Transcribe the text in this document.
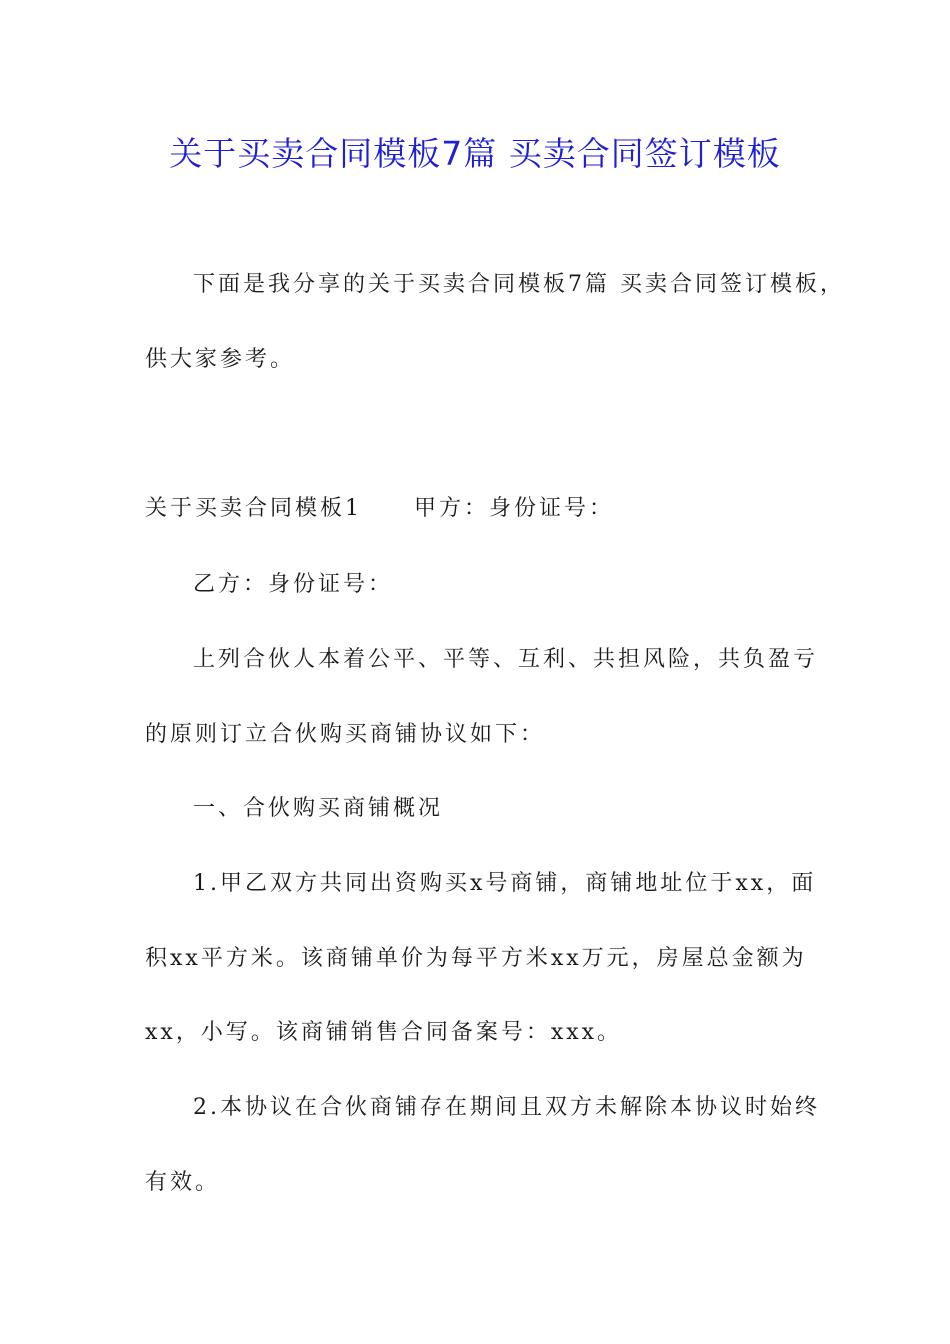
关于买卖合同模板7篇 买卖合同签订模板

下面是我分享的关于买卖合同模板7篇 买卖合同签订模板，

供大家参考。

关于买卖合同模板1 甲方：身份证号：

乙方：身份证号：

上列合伙人本着公平、平等、互利、共担风险，共负盈亏

的原则订立合伙购买商铺协议如下：

一、合伙购买商铺概况

1.甲乙双方共同出资购买x号商铺，商铺地址位于xx，面

积xx平方米。该商铺单价为每平方米xx万元，房屋总金额为

xx，小写。该商铺销售合同备案号：xxx。

2.本协议在合伙商铺存在期间且双方未解除本协议时始终

有效。
